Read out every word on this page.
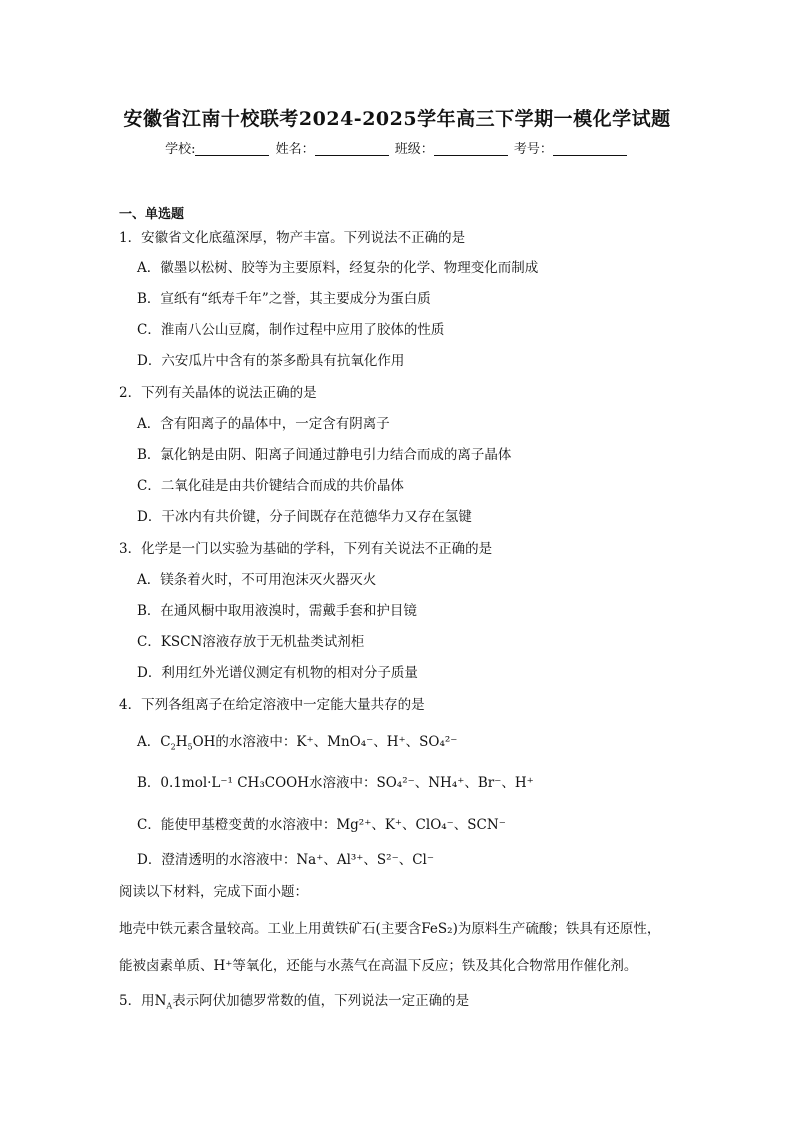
安徽省江南十校联考2024-2025学年高三下学期一模化学试题
学校:	姓名：	班级：	考号：
一、单选题
1．安徽省文化底蕴深厚，物产丰富。下列说法不正确的是
A．徽墨以松树、胶等为主要原料，经复杂的化学、物理变化而制成
B．宣纸有“纸寿千年”之誉，其主要成分为蛋白质
C．淮南八公山豆腐，制作过程中应用了胶体的性质
D．六安瓜片中含有的茶多酚具有抗氧化作用
2．下列有关晶体的说法正确的是
A．含有阳离子的晶体中，一定含有阴离子
B．氯化钠是由阴、阳离子间通过静电引力结合而成的离子晶体
C．二氧化硅是由共价键结合而成的共价晶体
D．干冰内有共价键，分子间既存在范德华力又存在氢键
3．化学是一门以实验为基础的学科，下列有关说法不正确的是
A．镁条着火时，不可用泡沫灭火器灭火
B．在通风橱中取用液溴时，需戴手套和护目镜
C．KSCN溶液存放于无机盐类试剂柜
D．利用红外光谱仪测定有机物的相对分子质量
4．下列各组离子在给定溶液中一定能大量共存的是
A．$C_2H_5OH$的水溶液中：K⁺、MnO₄⁻、H⁺、SO₄²⁻
B．0.1mol·L⁻¹ CH₃COOH水溶液中：SO₄²⁻、NH₄⁺、Br⁻、H⁺
C．能使甲基橙变黄的水溶液中：Mg²⁺、K⁺、ClO₄⁻、SCN⁻
D．澄清透明的水溶液中：Na⁺、Al³⁺、S²⁻、Cl⁻
阅读以下材料，完成下面小题：
地壳中铁元素含量较高。工业上用黄铁矿石(主要含FeS₂)为原料生产硫酸；铁具有还原性，
能被卤素单质、H⁺等氧化，还能与水蒸气在高温下反应；铁及其化合物常用作催化剂。
5．用$N_A$表示阿伏加德罗常数的值，下列说法一定正确的是
